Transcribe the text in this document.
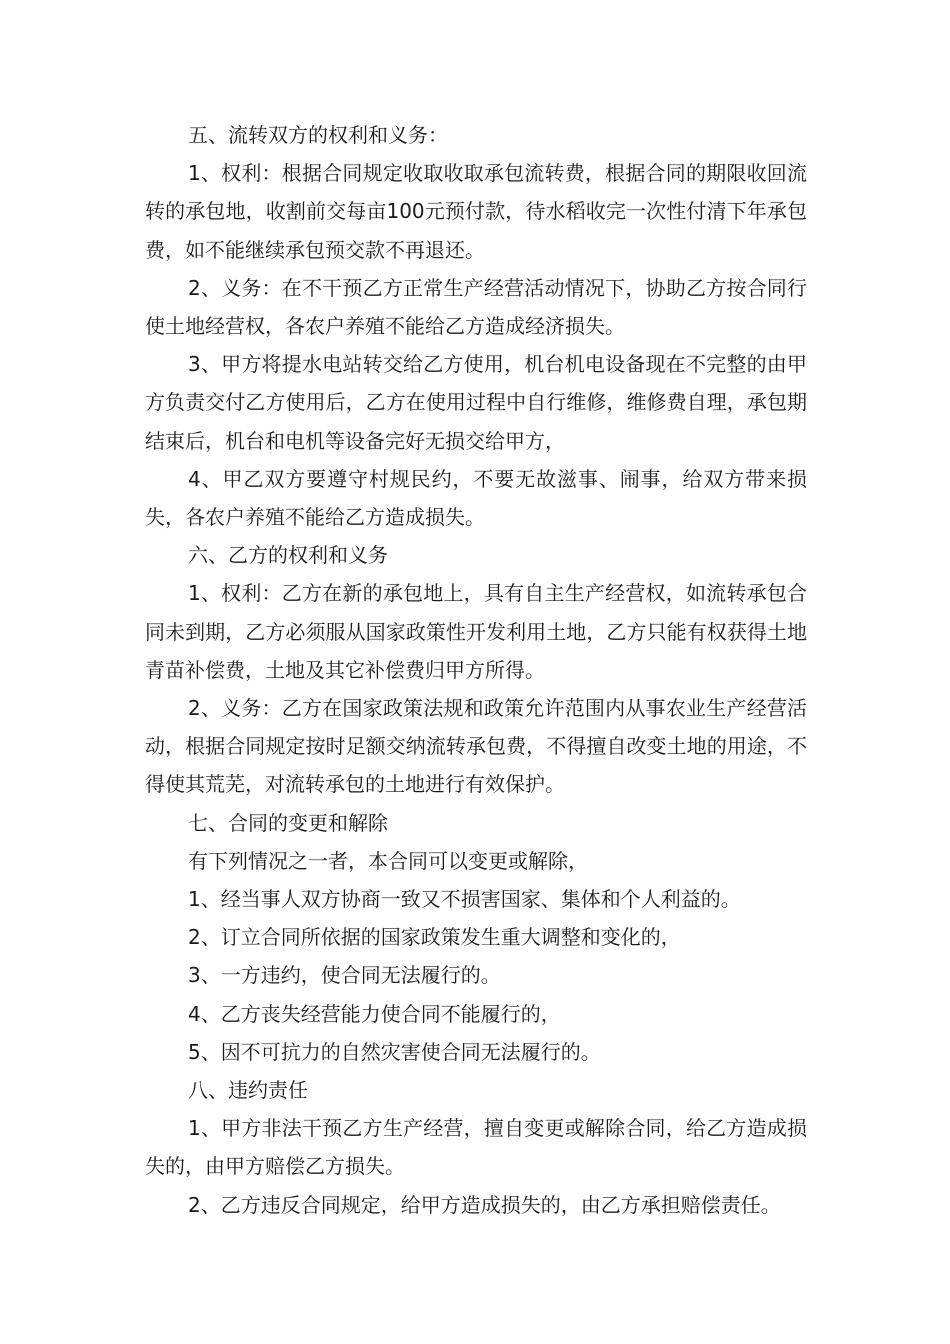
五、流转双方的权利和义务：

1、权利：根据合同规定收取收取承包流转费，根据合同的期限收回流转的承包地，收割前交每亩100元预付款，待水稻收完一次性付清下年承包费，如不能继续承包预交款不再退还。

2、义务：在不干预乙方正常生产经营活动情况下，协助乙方按合同行使土地经营权，各农户养殖不能给乙方造成经济损失。

3、甲方将提水电站转交给乙方使用，机台机电设备现在不完整的由甲方负责交付乙方使用后，乙方在使用过程中自行维修，维修费自理，承包期结束后，机台和电机等设备完好无损交给甲方，

4、甲乙双方要遵守村规民约，不要无故滋事、闹事，给双方带来损失，各农户养殖不能给乙方造成损失。

六、乙方的权利和义务

1、权利：乙方在新的承包地上，具有自主生产经营权，如流转承包合同未到期，乙方必须服从国家政策性开发利用土地，乙方只能有权获得土地青苗补偿费，土地及其它补偿费归甲方所得。

2、义务：乙方在国家政策法规和政策允许范围内从事农业生产经营活动，根据合同规定按时足额交纳流转承包费，不得擅自改变土地的用途，不得使其荒芜，对流转承包的土地进行有效保护。

七、合同的变更和解除

有下列情况之一者，本合同可以变更或解除，

1、经当事人双方协商一致又不损害国家、集体和个人利益的。

2、订立合同所依据的国家政策发生重大调整和变化的，

3、一方违约，使合同无法履行的。

4、乙方丧失经营能力使合同不能履行的，

5、因不可抗力的自然灾害使合同无法履行的。

八、违约责任

1、甲方非法干预乙方生产经营，擅自变更或解除合同，给乙方造成损失的，由甲方赔偿乙方损失。

2、乙方违反合同规定，给甲方造成损失的，由乙方承担赔偿责任。
